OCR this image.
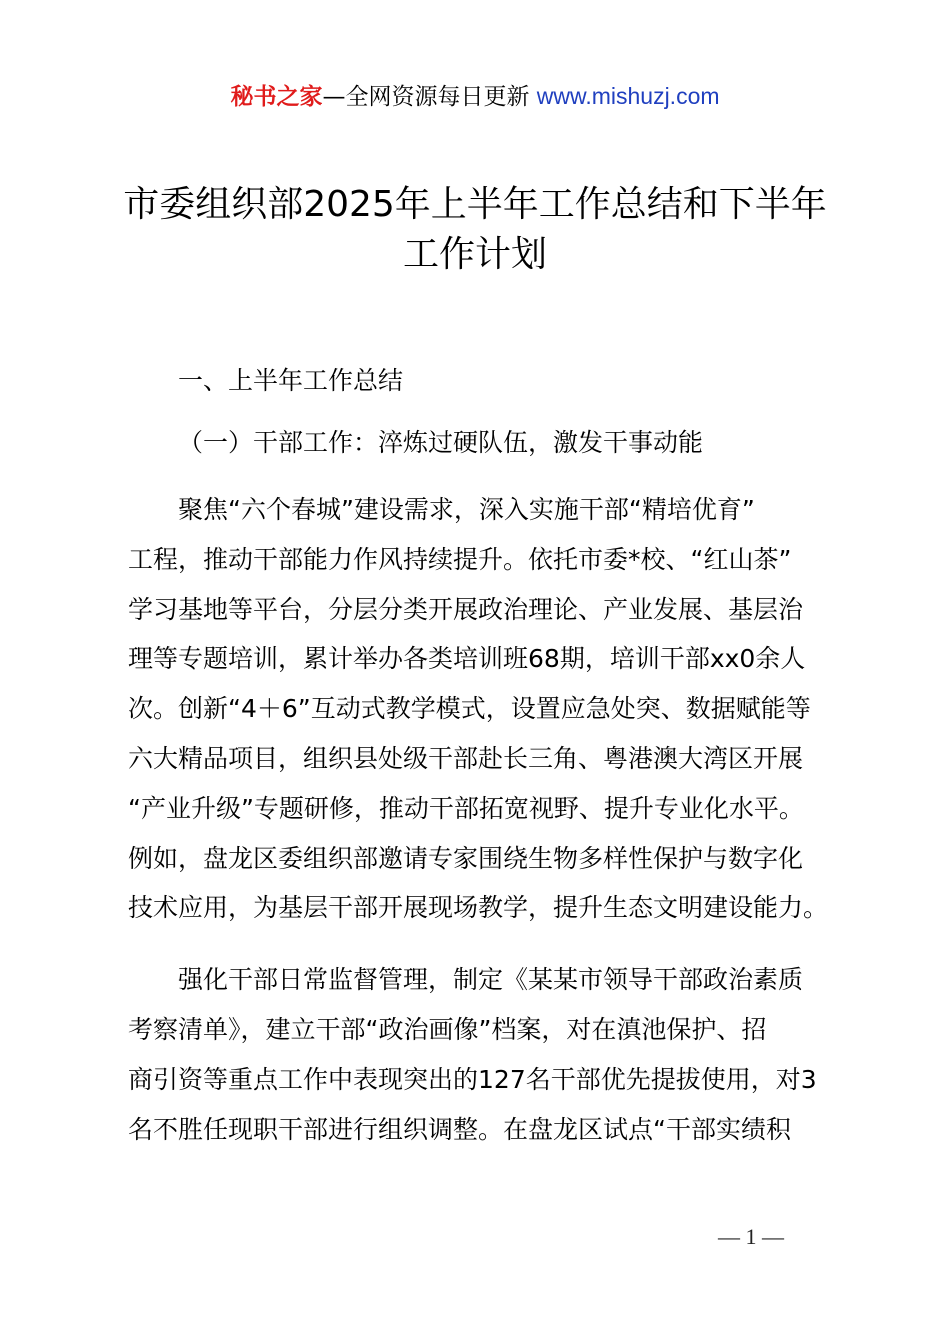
秘书之家—全网资源每日更新 www.mishuzj.com
市委组织部2025年上半年工作总结和下半年
工作计划

一、上半年工作总结

（一）干部工作：淬炼过硬队伍，激发干事动能

聚焦“六个春城”建设需求，深入实施干部“精培优育”
工程，推动干部能力作风持续提升。依托市委*校、“红山茶”
学习基地等平台，分层分类开展政治理论、产业发展、基层治
理等专题培训，累计举办各类培训班68期，培训干部xx0余人
次。创新“4＋6”互动式教学模式，设置应急处突、数据赋能等
六大精品项目，组织县处级干部赴长三角、粤港澳大湾区开展
“产业升级”专题研修，推动干部拓宽视野、提升专业化水平。
例如，盘龙区委组织部邀请专家围绕生物多样性保护与数字化
技术应用，为基层干部开展现场教学，提升生态文明建设能力。

强化干部日常监督管理，制定《某某市领导干部政治素质
考察清单》，建立干部“政治画像”档案，对在滇池保护、招
商引资等重点工作中表现突出的127名干部优先提拔使用，对3
名不胜任现职干部进行组织调整。在盘龙区试点“干部实绩积

— 1 —
